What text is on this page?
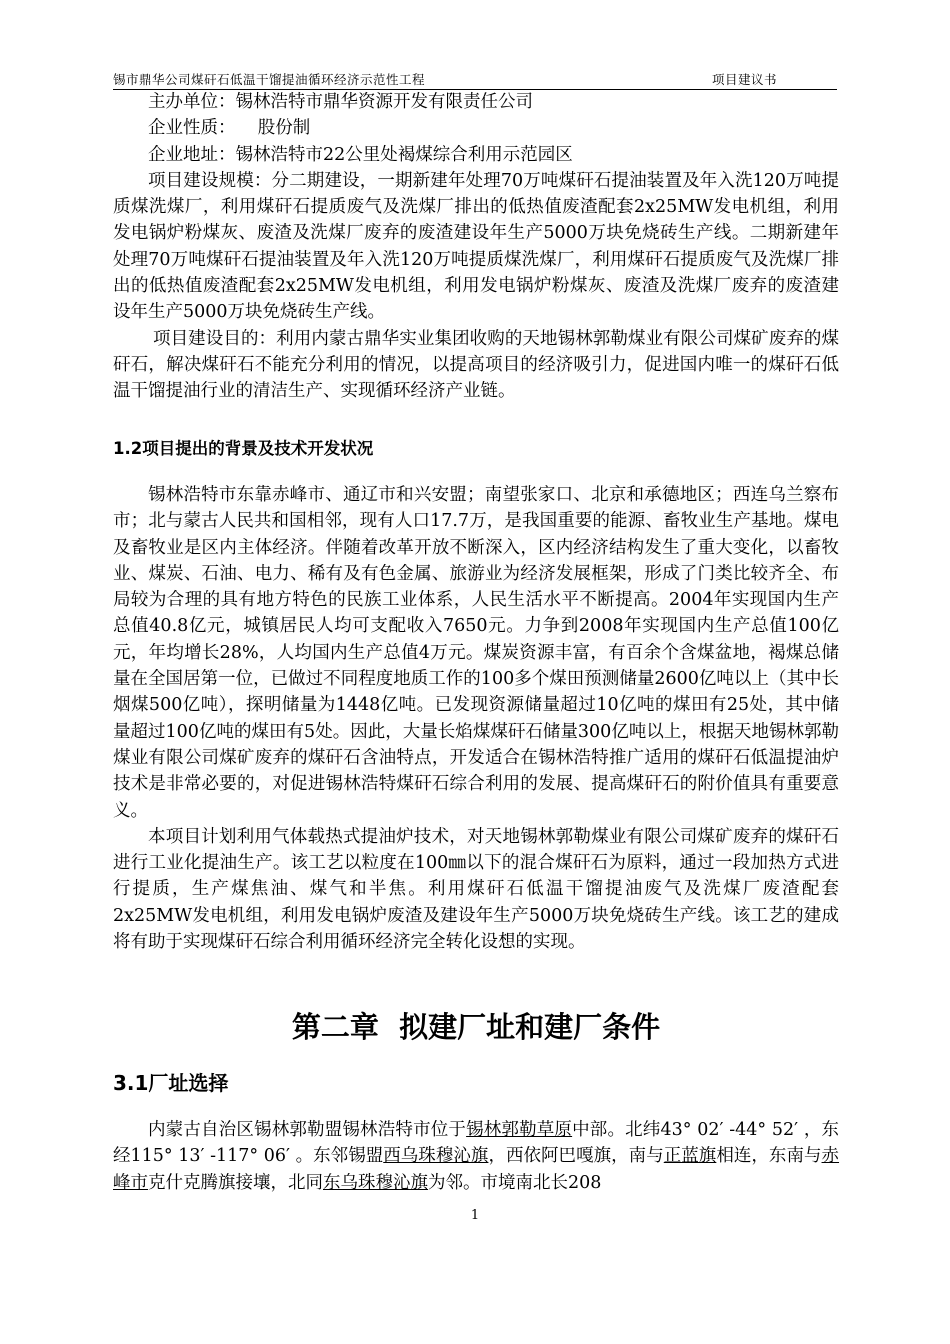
锡市鼎华公司煤矸石低温干馏提油循环经济示范性工程	项目建议书

主办单位：锡林浩特市鼎华资源开发有限责任公司

企业性质：    股份制

企业地址：锡林浩特市22公里处褐煤综合利用示范园区

项目建设规模：分二期建设，一期新建年处理70万吨煤矸石提油装置及年入洗120万吨提质煤洗煤厂，利用煤矸石提质废气及洗煤厂排出的低热值废渣配套2x25MW发电机组，利用发电锅炉粉煤灰、废渣及洗煤厂废弃的废渣建设年生产5000万块免烧砖生产线。二期新建年处理70万吨煤矸石提油装置及年入洗120万吨提质煤洗煤厂，利用煤矸石提质废气及洗煤厂排出的低热值废渣配套2x25MW发电机组，利用发电锅炉粉煤灰、废渣及洗煤厂废弃的废渣建设年生产5000万块免烧砖生产线。

项目建设目的：利用内蒙古鼎华实业集团收购的天地锡林郭勒煤业有限公司煤矿废弃的煤矸石，解决煤矸石不能充分利用的情况，以提高项目的经济吸引力，促进国内唯一的煤矸石低温干馏提油行业的清洁生产、实现循环经济产业链。

1.2项目提出的背景及技术开发状况

锡林浩特市东靠赤峰市、通辽市和兴安盟；南望张家口、北京和承德地区；西连乌兰察布市；北与蒙古人民共和国相邻，现有人口17.7万，是我国重要的能源、畜牧业生产基地。煤电及畜牧业是区内主体经济。伴随着改革开放不断深入，区内经济结构发生了重大变化，以畜牧业、煤炭、石油、电力、稀有及有色金属、旅游业为经济发展框架，形成了门类比较齐全、布局较为合理的具有地方特色的民族工业体系，人民生活水平不断提高。2004年实现国内生产总值40.8亿元，城镇居民人均可支配收入7650元。力争到2008年实现国内生产总值100亿元，年均增长28%，人均国内生产总值4万元。煤炭资源丰富，有百余个含煤盆地，褐煤总储量在全国居第一位，已做过不同程度地质工作的100多个煤田预测储量2600亿吨以上（其中长烟煤500亿吨），探明储量为1448亿吨。已发现资源储量超过10亿吨的煤田有25处，其中储量超过100亿吨的煤田有5处。因此，大量长焰煤煤矸石储量300亿吨以上，根据天地锡林郭勒煤业有限公司煤矿废弃的煤矸石含油特点，开发适合在锡林浩特推广适用的煤矸石低温提油炉技术是非常必要的，对促进锡林浩特煤矸石综合利用的发展、提高煤矸石的附价值具有重要意义。

本项目计划利用气体载热式提油炉技术，对天地锡林郭勒煤业有限公司煤矿废弃的煤矸石进行工业化提油生产。该工艺以粒度在100㎜以下的混合煤矸石为原料，通过一段加热方式进行提质，生产煤焦油、煤气和半焦。利用煤矸石低温干馏提油废气及洗煤厂废渣配套2x25MW发电机组，利用发电锅炉废渣及建设年生产5000万块免烧砖生产线。该工艺的建成将有助于实现煤矸石综合利用循环经济完全转化设想的实现。

第二章  拟建厂址和建厂条件
3.1厂址选择

内蒙古自治区锡林郭勒盟锡林浩特市位于锡林郭勒草原中部。北纬43° 02′ -44° 52′ ，东经115° 13′ -117° 06′ 。东邻锡盟西乌珠穆沁旗，西依阿巴嘎旗，南与正蓝旗相连，东南与赤峰市克什克腾旗接壤，北同东乌珠穆沁旗为邻。市境南北长208

1
